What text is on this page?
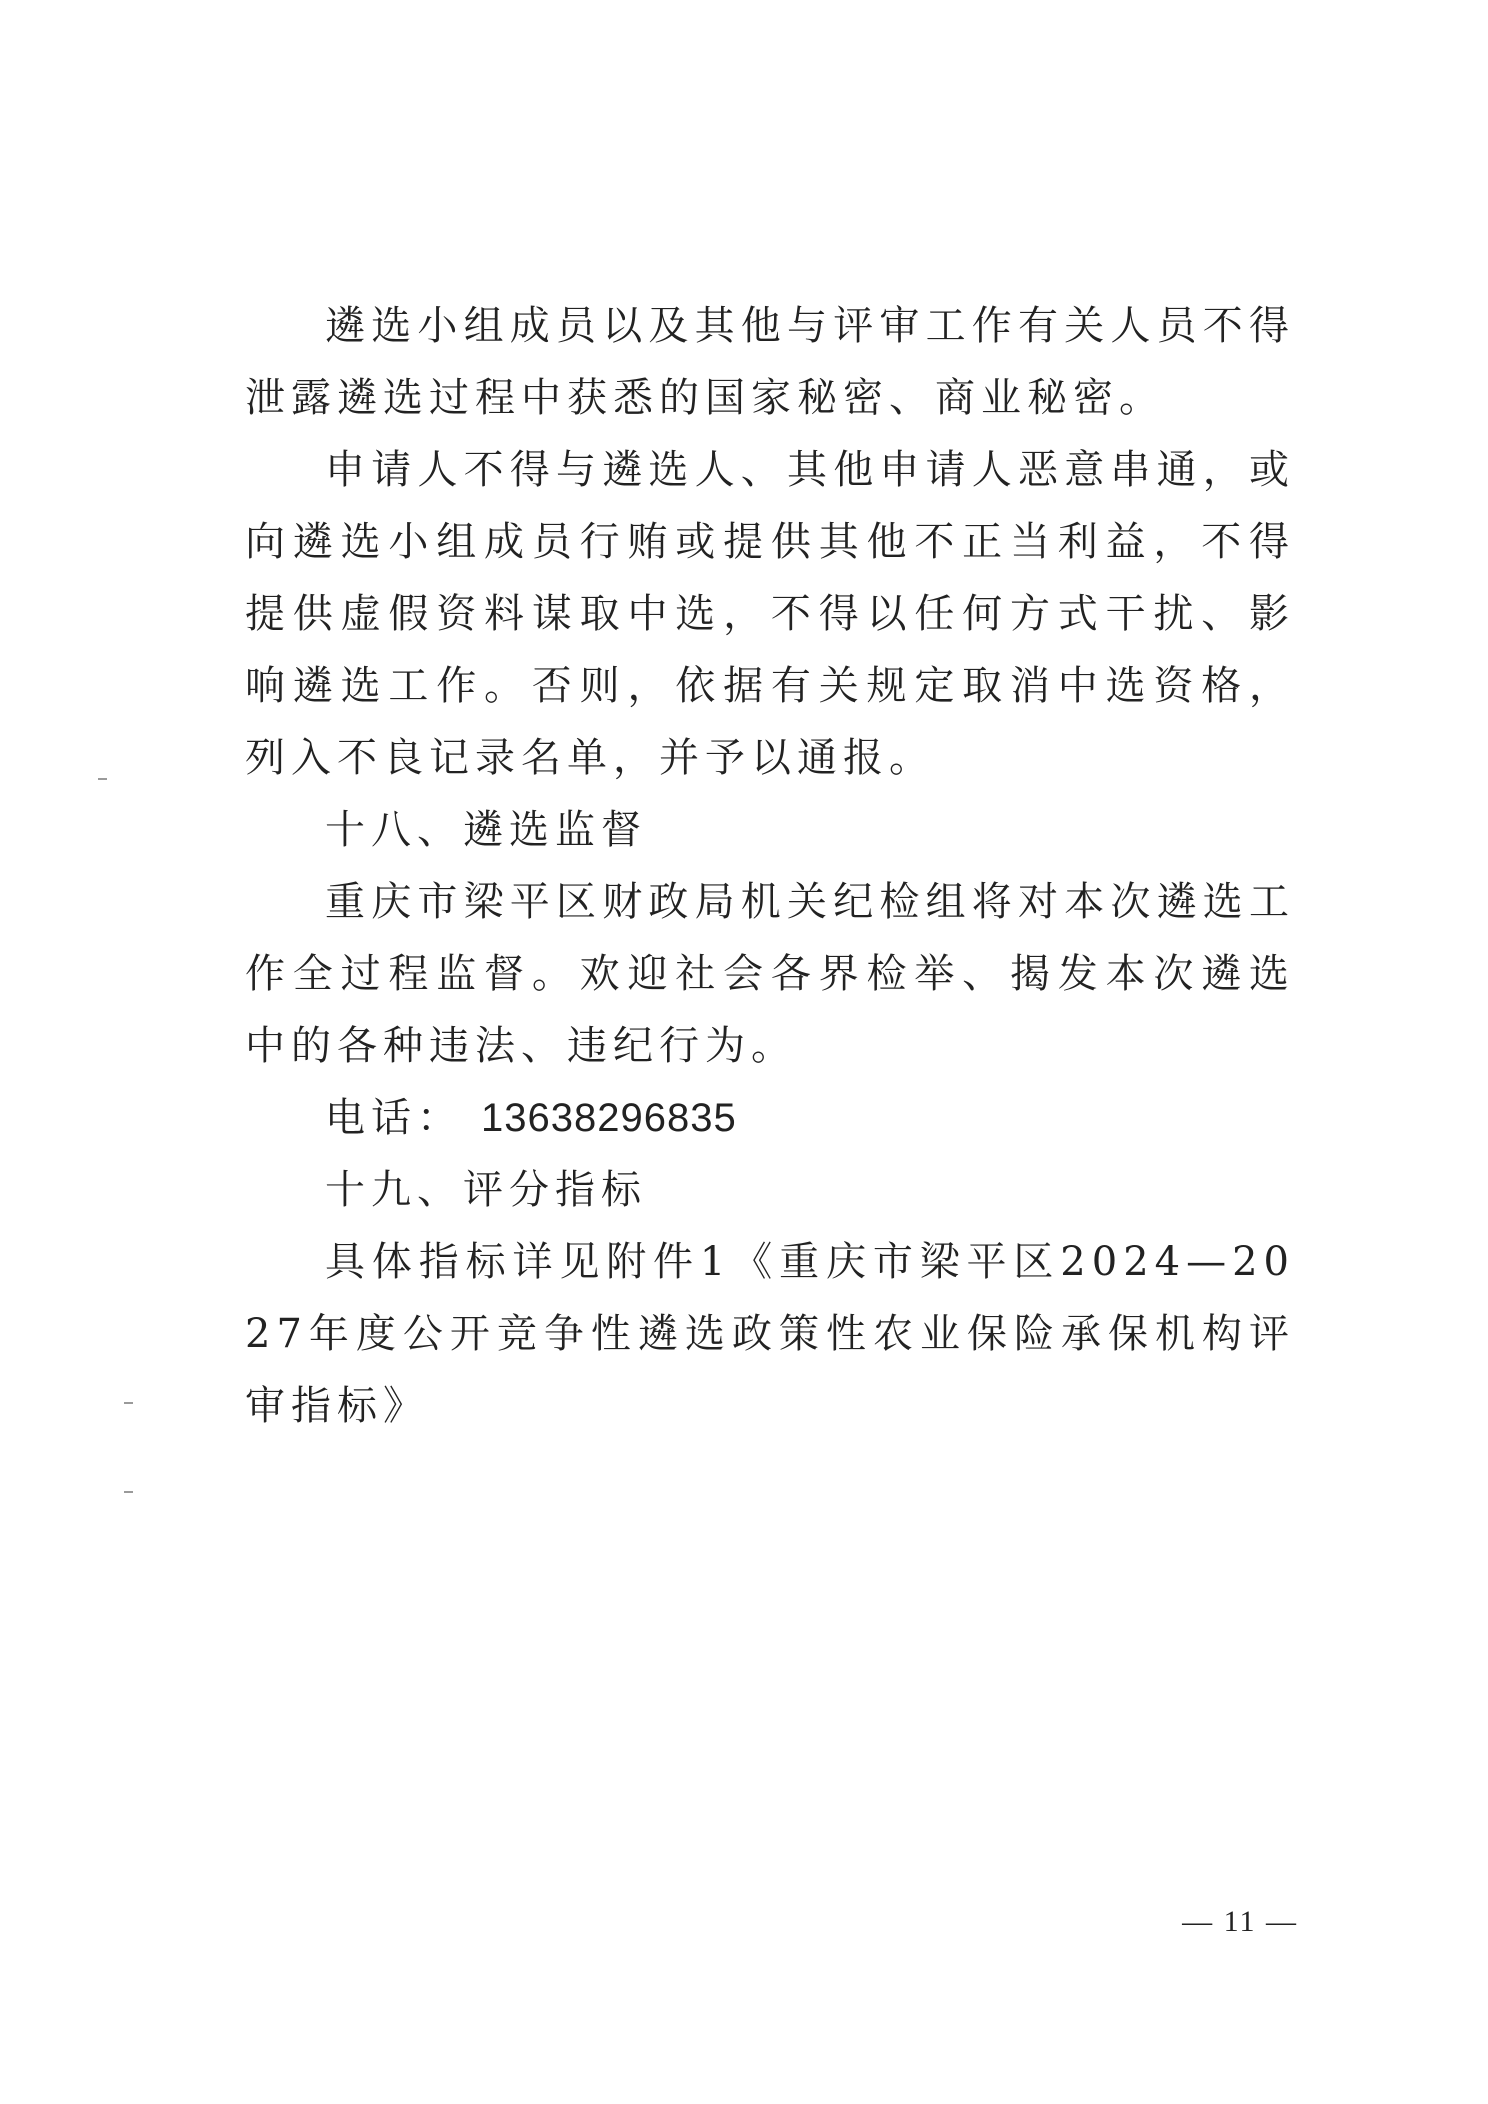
遴选小组成员以及其他与评审工作有关人员不得泄露遴选过程中获悉的国家秘密、商业秘密。

申请人不得与遴选人、其他申请人恶意串通，或向遴选小组成员行贿或提供其他不正当利益，不得提供虚假资料谋取中选，不得以任何方式干扰、影响遴选工作。否则，依据有关规定取消中选资格，列入不良记录名单，并予以通报。

十八、遴选监督

重庆市梁平区财政局机关纪检组将对本次遴选工作全过程监督。欢迎社会各界检举、揭发本次遴选中的各种违法、违纪行为。

电话： 13638296835

十九、评分指标

具体指标详见附件1《重庆市梁平区2024—2027年度公开竞争性遴选政策性农业保险承保机构评审指标》

— 11 —
